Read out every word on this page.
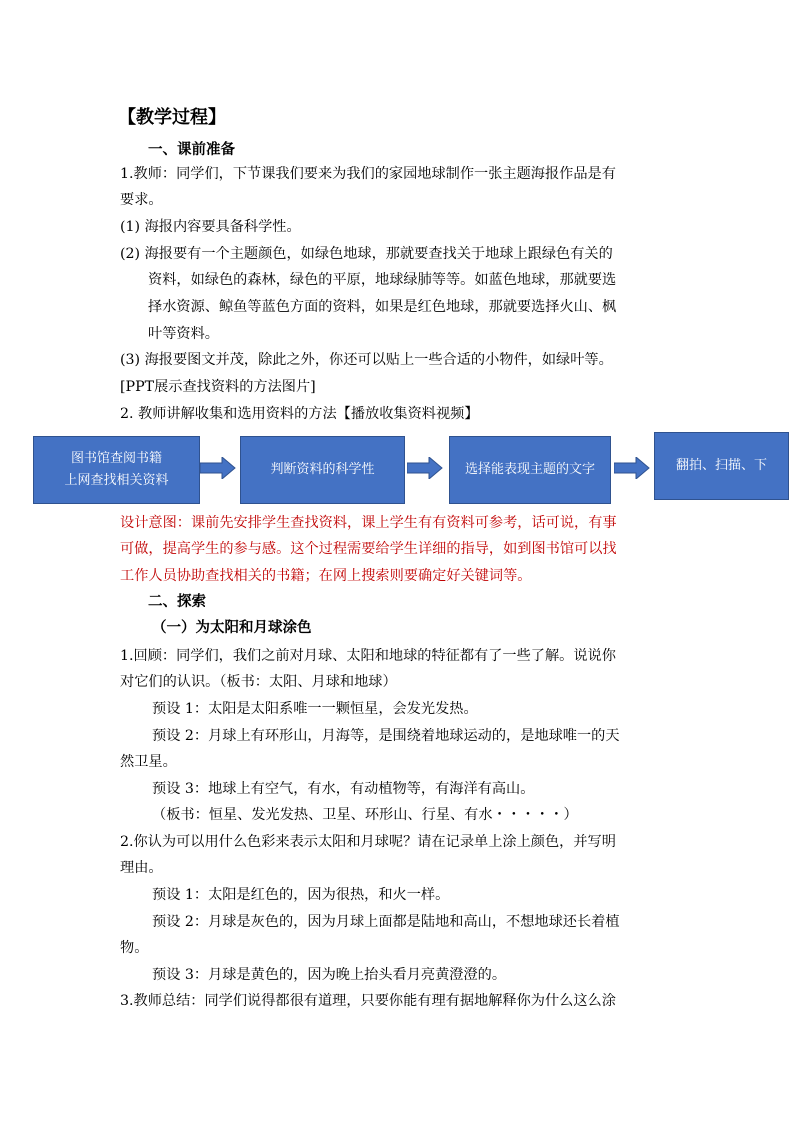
【教学过程】
一、课前准备
1.教师：同学们，下节课我们要来为我们的家园地球制作一张主题海报作品是有
要求。
(1) 海报内容要具备科学性。
(2) 海报要有一个主题颜色，如绿色地球，那就要查找关于地球上跟绿色有关的
资料，如绿色的森林，绿色的平原，地球绿肺等等。如蓝色地球，那就要选
择水资源、鲸鱼等蓝色方面的资料，如果是红色地球，那就要选择火山、枫
叶等资料。
(3) 海报要图文并茂，除此之外，你还可以贴上一些合适的小物件，如绿叶等。
[PPT展示查找资料的方法图片]
2. 教师讲解收集和选用资料的方法【播放收集资料视频】
图书馆查阅书籍
上网查找相关资料
判断资料的科学性	选择能表现主题的文字	翻拍、扫描、下
设计意图：课前先安排学生查找资料，课上学生有有资料可参考，话可说，有事
可做，提高学生的参与感。这个过程需要给学生详细的指导，如到图书馆可以找
工作人员协助查找相关的书籍；在网上搜索则要确定好关键词等。
二、探索
（一）为太阳和月球涂色
1.回顾：同学们，我们之前对月球、太阳和地球的特征都有了一些了解。说说你
对它们的认识。（板书：太阳、月球和地球）
预设 1：太阳是太阳系唯一一颗恒星，会发光发热。
预设 2：月球上有环形山，月海等，是围绕着地球运动的，是地球唯一的天
然卫星。
预设 3：地球上有空气，有水，有动植物等，有海洋有高山。
（板书：恒星、发光发热、卫星、环形山、行星、有水・・・・・）
2.你认为可以用什么色彩来表示太阳和月球呢？请在记录单上涂上颜色，并写明
理由。
预设 1：太阳是红色的，因为很热，和火一样。
预设 2：月球是灰色的，因为月球上面都是陆地和高山，不想地球还长着植
物。
预设 3：月球是黄色的，因为晚上抬头看月亮黄澄澄的。
3.教师总结：同学们说得都很有道理，只要你能有理有据地解释你为什么这么涂
